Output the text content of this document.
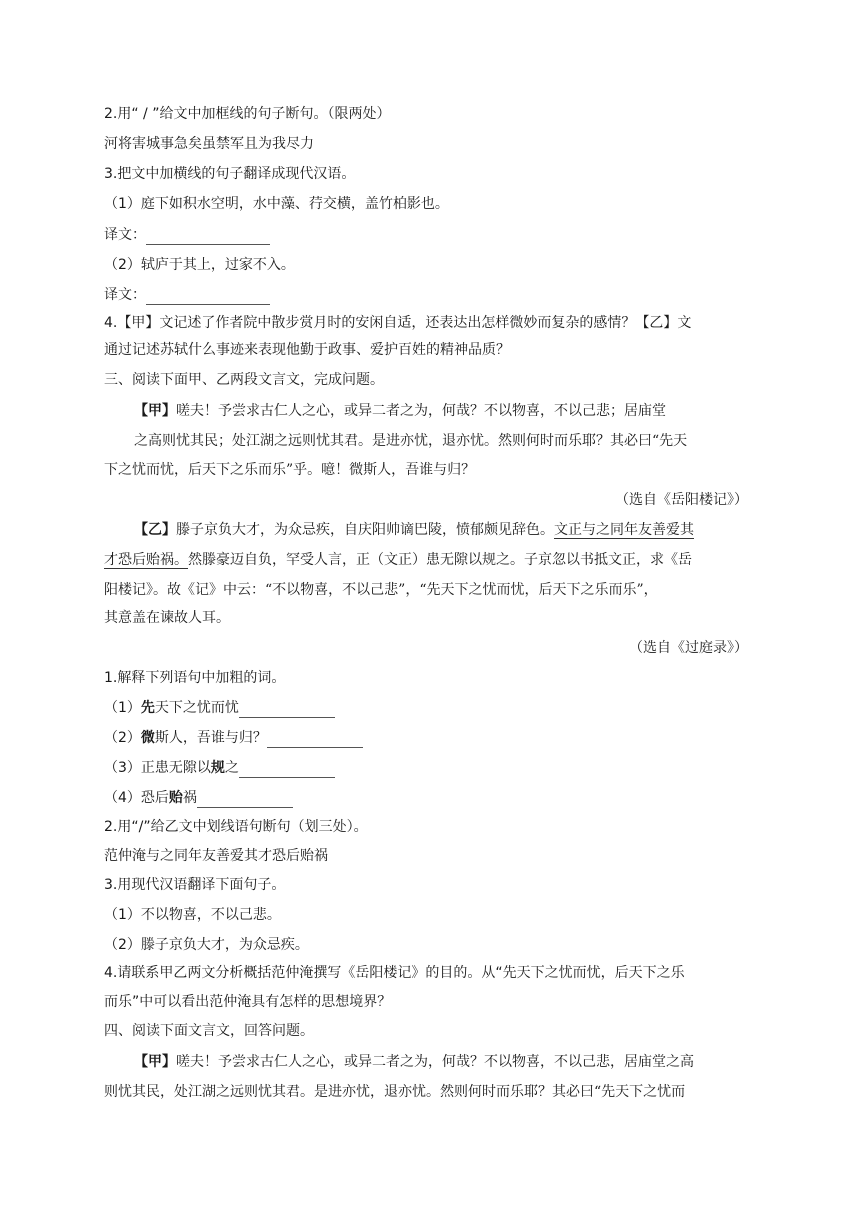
2.用“ / ”给文中加框线的句子断句。（限两处）
河将害城事急矣虽禁军且为我尽力
3.把文中加横线的句子翻译成现代汉语。
（1）庭下如积水空明，水中藻、荇交横，盖竹柏影也。
译文：
（2）轼庐于其上，过家不入。
译文：
4.【甲】文记述了作者院中散步赏月时的安闲自适，还表达出怎样微妙而复杂的感情？【乙】文
通过记述苏轼什么事迹来表现他勤于政事、爱护百姓的精神品质？
三、阅读下面甲、乙两段文言文，完成问题。
【甲】嗟夫！予尝求古仁人之心，或异二者之为，何哉？不以物喜，不以己悲；居庙堂
之高则忧其民；处江湖之远则忧其君。是进亦忧，退亦忧。然则何时而乐耶？其必曰“先天
下之忧而忧，后天下之乐而乐”乎。噫！微斯人，吾谁与归？
（选自《岳阳楼记》）
【乙】滕子京负大才，为众忌疾，自庆阳帅谪巴陵，愤郁颇见辞色。文正与之同年友善爱其
才恐后贻祸。然滕豪迈自负，罕受人言，正（文正）患无隙以规之。子京忽以书抵文正，求《岳
阳楼记》。故《记》中云：“不以物喜，不以己悲”，“先天下之忧而忧，后天下之乐而乐”，
其意盖在谏故人耳。
（选自《过庭录》）
1.解释下列语句中加粗的词。
（1）先天下之忧而忧
（2）微斯人，吾谁与归？
（3）正患无隙以规之
（4）恐后贻祸
2.用“/”给乙文中划线语句断句（划三处）。
范仲淹与之同年友善爱其才恐后贻祸
3.用现代汉语翻译下面句子。
（1）不以物喜，不以己悲。
（2）滕子京负大才，为众忌疾。
4.请联系甲乙两文分析概括范仲淹撰写《岳阳楼记》的目的。从“先天下之忧而忧，后天下之乐
而乐”中可以看出范仲淹具有怎样的思想境界？
四、阅读下面文言文，回答问题。
【甲】嗟夫！予尝求古仁人之心，或异二者之为，何哉？不以物喜，不以己悲，居庙堂之高
则忧其民，处江湖之远则忧其君。是进亦忧，退亦忧。然则何时而乐耶？其必曰“先天下之忧而
